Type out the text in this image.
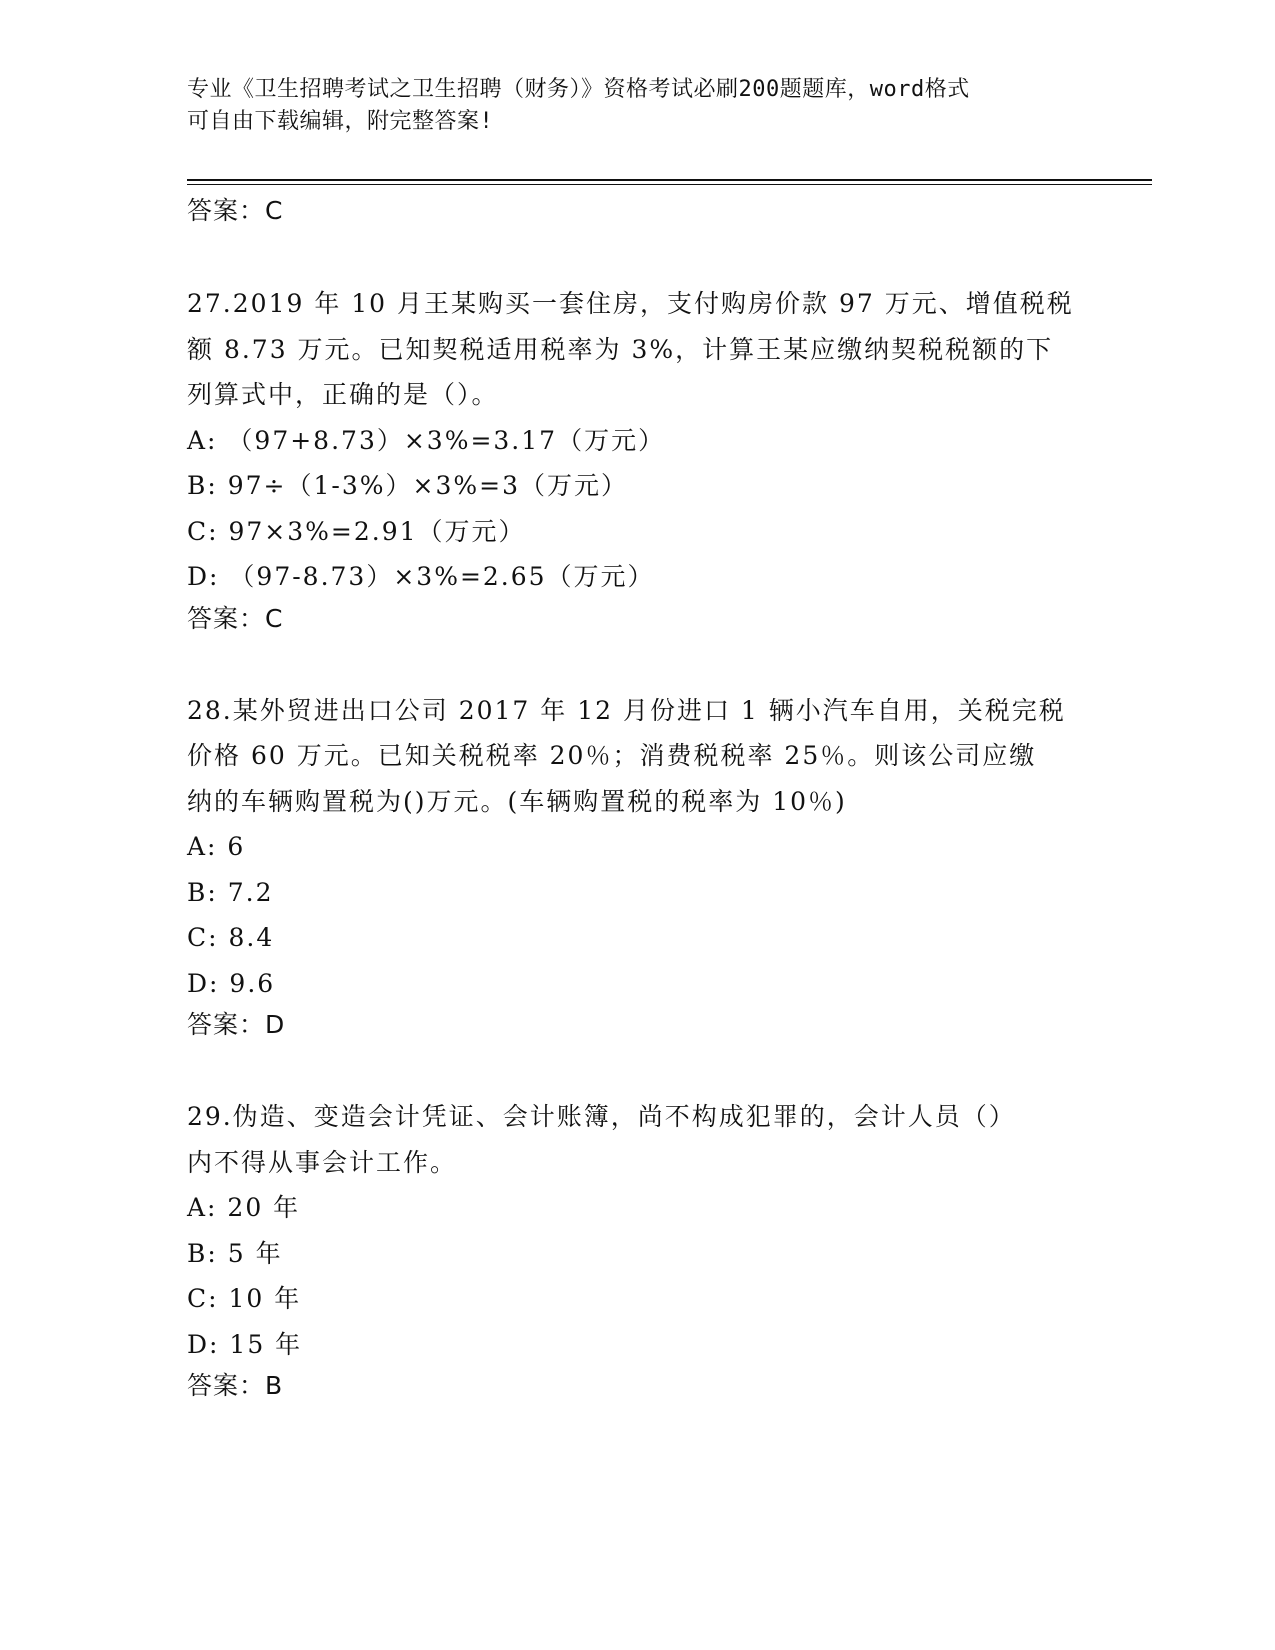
专业《卫生招聘考试之卫生招聘（财务）》资格考试必刷200题题库，word格式
可自由下载编辑，附完整答案!
答案：C

27.2019 年 10 月王某购买一套住房，支付购房价款 97 万元、增值税税

额 8.73 万元。已知契税适用税率为 3%，计算王某应缴纳契税税额的下

列算式中，正确的是（）。

A: （97+8.73）×3%=3.17（万元）

B: 97÷（1-3%）×3%=3（万元）

C: 97×3%=2.91（万元）

D: （97-8.73）×3%=2.65（万元）

答案：C

28.某外贸进出口公司 2017 年 12 月份进口 1 辆小汽车自用，关税完税

价格 60 万元。已知关税税率 20％；消费税税率 25％。则该公司应缴

纳的车辆购置税为()万元。(车辆购置税的税率为 10％)

A: 6

B: 7.2

C: 8.4

D: 9.6

答案：D

29.伪造、变造会计凭证、会计账簿，尚不构成犯罪的，会计人员（）

内不得从事会计工作。

A: 20 年

B: 5 年

C: 10 年

D: 15 年

答案：B
